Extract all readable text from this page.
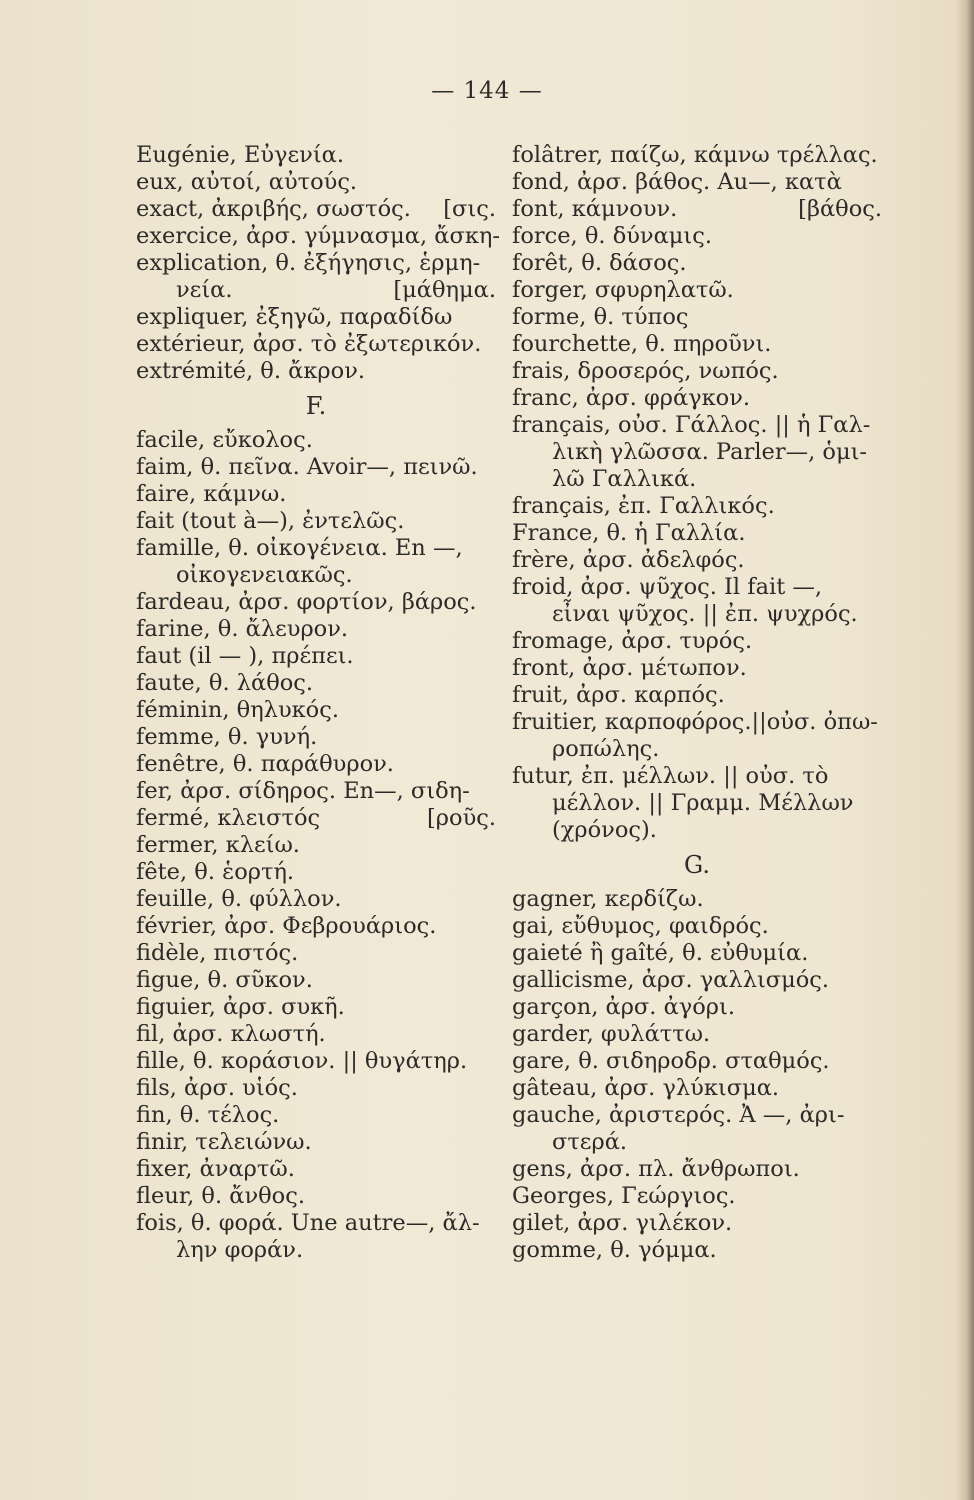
— 144 —
Eugénie, Εὐγενία.
eux, αὐτοί, αὐτούς.
[σις.
exact, ἀκριβής, σωστός.
exercice, ἀρσ. γύμνασμα, ἄσκη-
explication, θ. ἐξήγησις, ἑρμη-
[μάθημα.
νεία.
expliquer, ἐξηγῶ, παραδίδω
extérieur, ἀρσ. τὸ ἐξωτερικόν.
extrémité, θ. ἄκρον.
F.
facile, εὔκολος.
faim, θ. πεῖνα. Avoir—, πεινῶ.
faire, κάμνω.
fait (tout à—), ἐντελῶς.
famille, θ. οἰκογένεια. En —,
οἰκογενειακῶς.
fardeau, ἀρσ. φορτίον, βάρος.
farine, θ. ἄλευρον.
faut (il — ), πρέπει.
faute, θ. λάθος.
féminin, θηλυκός.
femme, θ. γυνή.
fenêtre, θ. παράθυρον.
fer, ἀρσ. σίδηρος. En—, σιδη-
[ροῦς.
fermé, κλειστός
fermer, κλείω.
fête, θ. ἑορτή.
feuille, θ. φύλλον.
février, ἀρσ. Φεβρουάριος.
fidèle, πιστός.
figue, θ. σῦκον.
figuier, ἀρσ. συκῆ.
fil, ἀρσ. κλωστή.
fille, θ. κοράσιον. || θυγάτηρ.
fils, ἀρσ. υἱός.
fin, θ. τέλος.
finir, τελειώνω.
fixer, ἀναρτῶ.
fleur, θ. ἄνθος.
fois, θ. φορά. Une autre—, ἄλ-
λην φοράν.
folâtrer, παίζω, κάμνω τρέλλας.
fond, ἀρσ. βάθος. Au—, κατὰ
[βάθος.
font, κάμνουν.
force, θ. δύναμις.
forêt, θ. δάσος.
forger, σφυρηλατῶ.
forme, θ. τύπος
fourchette, θ. πηροῦνι.
frais, δροσερός, νωπός.
franc, ἀρσ. φράγκον.
français, οὐσ. Γάλλος. || ἡ Γαλ-
λικὴ γλῶσσα. Parler—, ὁμι-
λῶ Γαλλικά.
français, ἐπ. Γαλλικός.
France, θ. ἡ Γαλλία.
frère, ἀρσ. ἀδελφός.
froid, ἀρσ. ψῦχος. Il fait —,
εἶναι ψῦχος. || ἐπ. ψυχρός.
fromage, ἀρσ. τυρός.
front, ἀρσ. μέτωπον.
fruit, ἀρσ. καρπός.
fruitier, καρποφόρος.||οὐσ. ὀπω-
ροπώλης.
futur, ἐπ. μέλλων. || οὐσ. τὸ
μέλλον. || Γραμμ. Μέλλων
(χρόνος).
G.
gagner, κερδίζω.
gai, εὔθυμος, φαιδρός.
gaieté ἢ gaîté, θ. εὐθυμία.
gallicisme, ἀρσ. γαλλισμός.
garçon, ἀρσ. ἀγόρι.
garder, φυλάττω.
gare, θ. σιδηροδρ. σταθμός.
gâteau, ἀρσ. γλύκισμα.
gauche, ἀριστερός. Ἀ —, ἀρι-
στερά.
gens, ἀρσ. πλ. ἄνθρωποι.
Georges, Γεώργιος.
gilet, ἀρσ. γιλέκον.
gomme, θ. γόμμα.
